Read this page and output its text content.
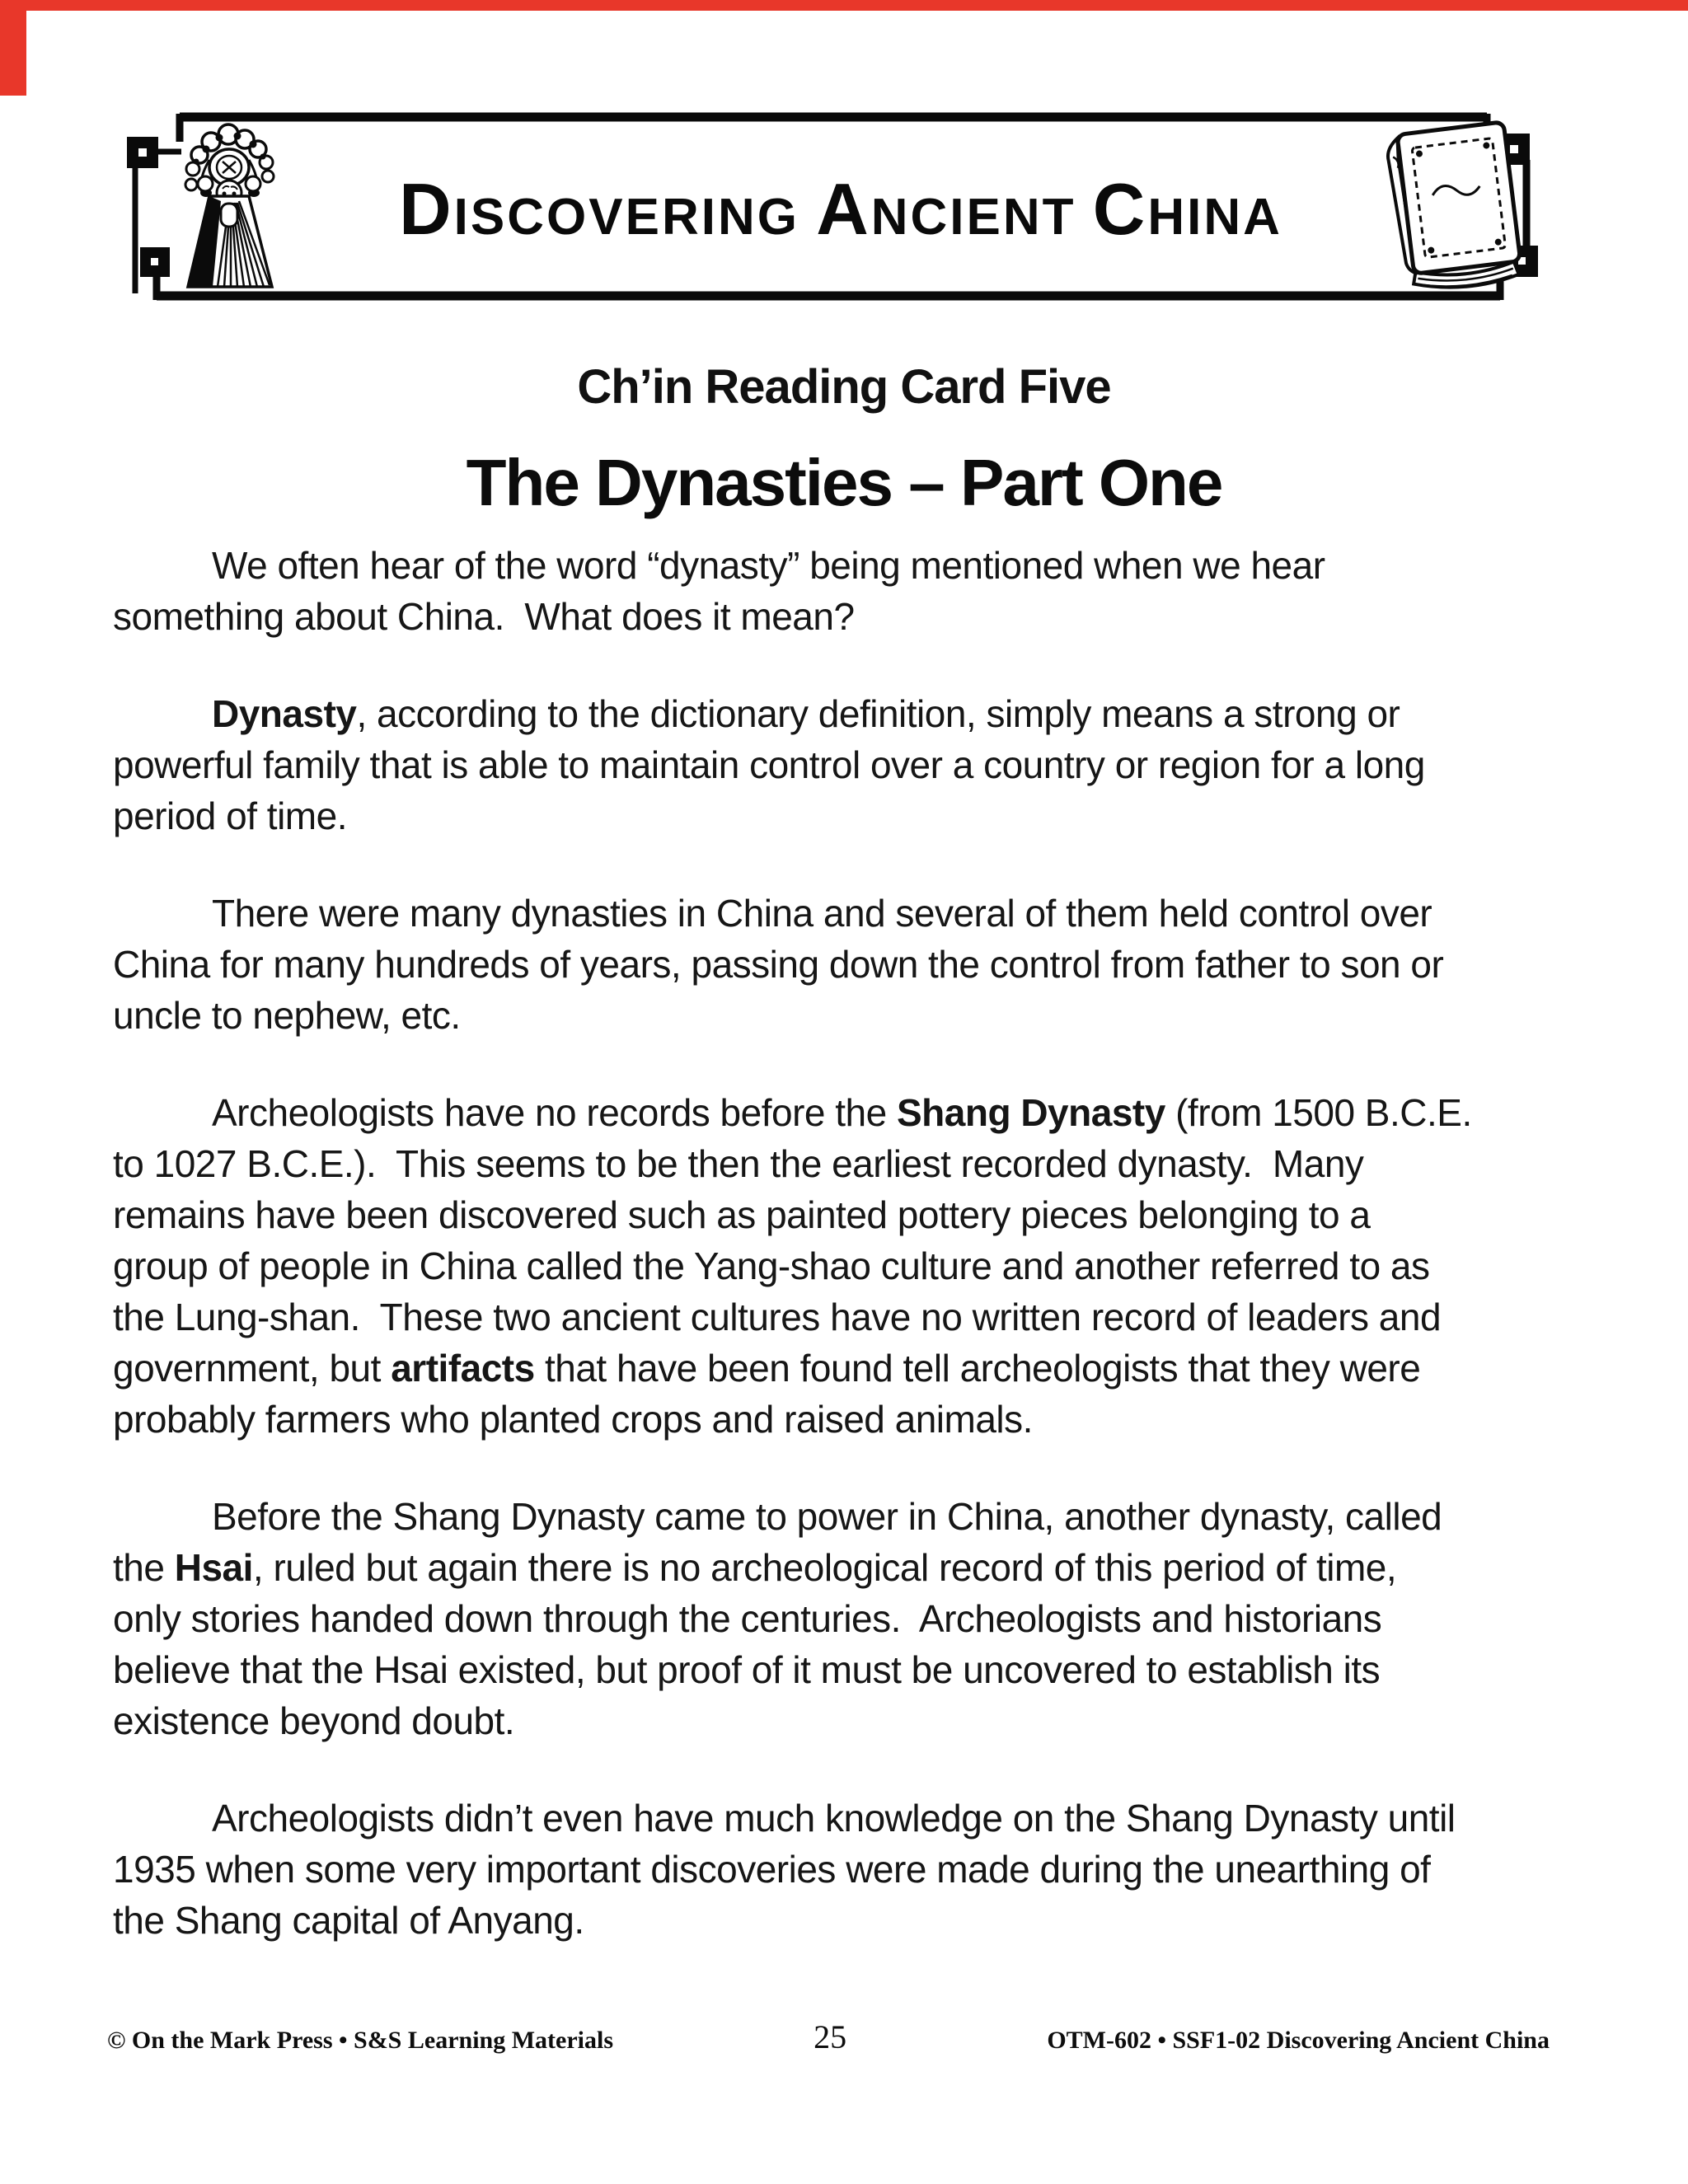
DISCOVERING ANCIENT CHINA
Ch’in Reading Card Five
The Dynasties – Part One
We often hear of the word “dynasty” being mentioned when we hear
something about China.  What does it mean?
Dynasty, according to the dictionary definition, simply means a strong or
powerful family that is able to maintain control over a country or region for a long
period of time.
There were many dynasties in China and several of them held control over
China for many hundreds of years, passing down the control from father to son or
uncle to nephew, etc.
Archeologists have no records before the Shang Dynasty (from 1500 B.C.E.
to 1027 B.C.E.).  This seems to be then the earliest recorded dynasty.  Many
remains have been discovered such as painted pottery pieces belonging to a
group of people in China called the Yang-shao culture and another referred to as
the Lung-shan.  These two ancient cultures have no written record of leaders and
government, but artifacts that have been found tell archeologists that they were
probably farmers who planted crops and raised animals.
Before the Shang Dynasty came to power in China, another dynasty, called
the Hsai, ruled but again there is no archeological record of this period of time,
only stories handed down through the centuries.  Archeologists and historians
believe that the Hsai existed, but proof of it must be uncovered to establish its
existence beyond doubt.
Archeologists didn’t even have much knowledge on the Shang Dynasty until
1935 when some very important discoveries were made during the unearthing of
the Shang capital of Anyang.
© On the Mark Press • S&S Learning Materials	25	OTM-602 • SSF1-02 Discovering Ancient China
